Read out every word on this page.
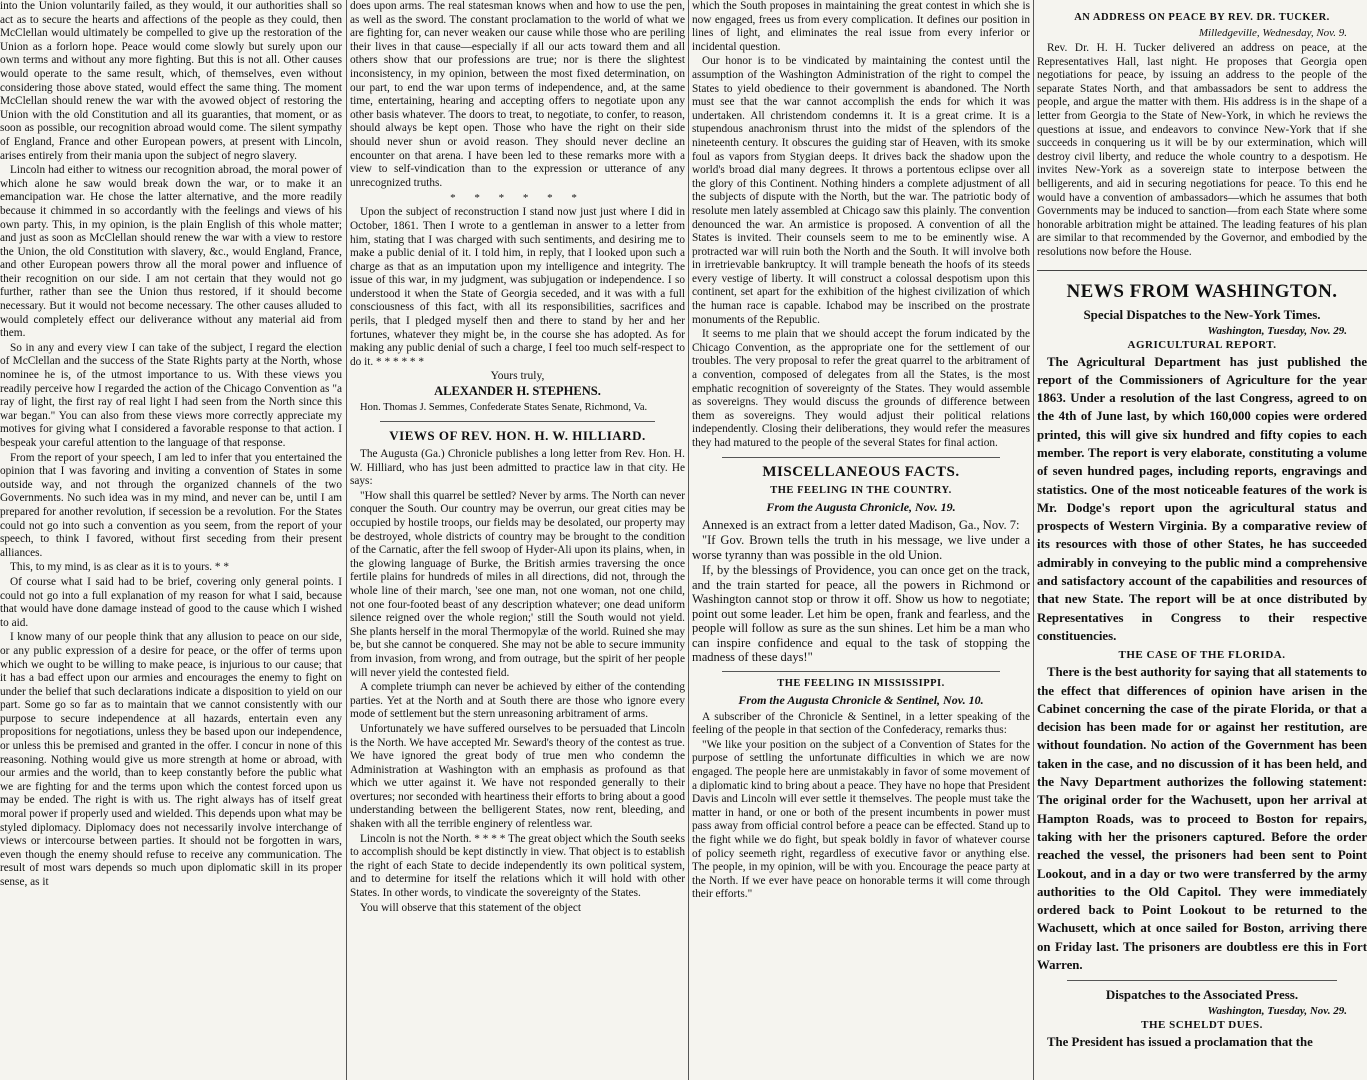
into the Union voluntarily failed, as they would, it our authorities shall so act as to secure the hearts and affections of the people as they could, then McClellan would ultimately be compelled to give up the restoration of the Union as a forlorn hope. Peace would come slowly but surely upon our own terms and without any more fighting. But this is not all. Other causes would operate to the same result, which, of themselves, even without considering those above stated, would effect the same thing. The moment McClellan should renew the war with the avowed object of restoring the Union with the old Constitution and all its guaranties, that moment, or as soon as possible, our recognition abroad would come. The silent sympathy of England, France and other European powers, at present with Lincoln, arises entirely from their mania upon the subject of negro slavery.

Lincoln had either to witness our recognition abroad, the moral power of which alone he saw would break down the war, or to make it an emancipation war. He chose the latter alternative, and the more readily because it chimmed in so accordantly with the feelings and views of his own party. This, in my opinion, is the plain English of this whole matter; and just as soon as McClellan should renew the war with a view to restore the Union, the old Constitution with slavery, &c., would England, France, and other European powers throw all the moral power and influence of their recognition on our side. I am not certain that they would not go further, rather than see the Union thus restored, if it should become necessary. But it would not become necessary. The other causes alluded to would completely effect our deliverance without any material aid from them.

So in any and every view I can take of the subject, I regard the election of McClellan and the success of the State Rights party at the North, whose nominee he is, of the utmost importance to us. With these views you readily perceive how I regarded the action of the Chicago Convention as "a ray of light, the first ray of real light I had seen from the North since this war began." You can also from these views more correctly appreciate my motives for giving what I considered a favorable response to that action. I bespeak your careful attention to the language of that response.

From the report of your speech, I am led to infer that you entertained the opinion that I was favoring and inviting a convention of States in some outside way, and not through the organized channels of the two Governments. No such idea was in my mind, and never can be, until I am prepared for another revolution, if secession be a revolution. For the States could not go into such a convention as you seem, from the report of your speech, to think I favored, without first seceding from their present alliances.

This, to my mind, is as clear as it is to yours. * *

Of course what I said had to be brief, covering only general points. I could not go into a full explanation of my reason for what I said, because that would have done damage instead of good to the cause which I wished to aid.

I know many of our people think that any allusion to peace on our side, or any public expression of a desire for peace, or the offer of terms upon which we ought to be willing to make peace, is injurious to our cause; that it has a bad effect upon our armies and encourages the enemy to fight on under the belief that such declarations indicate a disposition to yield on our part. Some go so far as to maintain that we cannot consistently with our purpose to secure independence at all hazards, entertain even any propositions for negotiations, unless they be based upon our independence, or unless this be premised and granted in the offer. I concur in none of this reasoning. Nothing would give us more strength at home or abroad, with our armies and the world, than to keep constantly before the public what we are fighting for and the terms upon which the contest forced upon us may be ended. The right is with us. The right always has of itself great moral power if properly used and wielded. This depends upon what may be styled diplomacy. Diplomacy does not necessarily involve interchange of views or intercourse between parties. It should not be forgotten in wars, even though the enemy should refuse to receive any communication. The result of most wars depends so much upon diplomatic skill in its proper sense, as it

does upon arms. The real statesman knows when and how to use the pen, as well as the sword. The constant proclamation to the world of what we are fighting for, can never weaken our cause while those who are periling their lives in that cause—especially if all our acts toward them and all others show that our professions are true; nor is there the slightest inconsistency, in my opinion, between the most fixed determination, on our part, to end the war upon terms of independence, and, at the same time, entertaining, hearing and accepting offers to negotiate upon any other basis whatever. The doors to treat, to negotiate, to confer, to reason, should always be kept open. Those who have the right on their side should never shun or avoid reason. They should never decline an encounter on that arena. I have been led to these remarks more with a view to self-vindication than to the expression or utterance of any unrecognized truths.

* * * * * *

Upon the subject of reconstruction I stand now just just where I did in October, 1861. Then I wrote to a gentleman in answer to a letter from him, stating that I was charged with such sentiments, and desiring me to make a public denial of it. I told him, in reply, that I looked upon such a charge as that as an imputation upon my intelligence and integrity. The issue of this war, in my judgment, was subjugation or independence. I so understood it when the State of Georgia seceded, and it was with a full consciousness of this fact, with all its responsibilities, sacrifices and perils, that I pledged myself then and there to stand by her and her fortunes, whatever they might be, in the course she has adopted. As for making any public denial of such a charge, I feel too much self-respect to do it. * * * * * *

Yours truly,
ALEXANDER H. STEPHENS.

Hon. Thomas J. Semmes, Confederate States Senate, Richmond, Va.

VIEWS OF REV. HON. H. W. HILLIARD.

The Augusta (Ga.) Chronicle publishes a long letter from Rev. Hon. H. W. Hilliard, who has just been admitted to practice law in that city. He says:

"How shall this quarrel be settled? Never by arms. The North can never conquer the South. Our country may be overrun, our great cities may be occupied by hostile troops, our fields may be desolated, our property may be destroyed, whole districts of country may be brought to the condition of the Carnatic, after the fell swoop of Hyder-Ali upon its plains, when, in the glowing language of Burke, the British armies traversing the once fertile plains for hundreds of miles in all directions, did not, through the whole line of their march, 'see one man, not one woman, not one child, not one four-footed beast of any description whatever; one dead uniform silence reigned over the whole region;' still the South would not yield. She plants herself in the moral Thermopylæ of the world. Ruined she may be, but she cannot be conquered. She may not be able to secure immunity from invasion, from wrong, and from outrage, but the spirit of her people will never yield the contested field.

A complete triumph can never be achieved by either of the contending parties. Yet at the North and at South there are those who ignore every mode of settlement but the stern unreasoning arbitrament of arms.

Unfortunately we have suffered ourselves to be persuaded that Lincoln is the North. We have accepted Mr. Seward's theory of the contest as true. We have ignored the great body of true men who condemn the Administration at Washington with an emphasis as profound as that which we utter against it. We have not responded generally to their overtures; nor seconded with heartiness their efforts to bring about a good understanding between the belligerent States, now rent, bleeding, and shaken with all the terrible enginery of relentless war.

Lincoln is not the North. * * * * The great object which the South seeks to accomplish should be kept distinctly in view. That object is to establish the right of each State to decide independently its own political system, and to determine for itself the relations which it will hold with other States. In other words, to vindicate the sovereignty of the States.

You will observe that this statement of the object

which the South proposes in maintaining the great contest in which she is now engaged, frees us from every complication. It defines our position in lines of light, and eliminates the real issue from every inferior or incidental question.

Our honor is to be vindicated by maintaining the contest until the assumption of the Washington Administration of the right to compel the States to yield obedience to their government is abandoned. The North must see that the war cannot accomplish the ends for which it was undertaken. All christendom condemns it. It is a great crime. It is a stupendous anachronism thrust into the midst of the splendors of the nineteenth century. It obscures the guiding star of Heaven, with its smoke foul as vapors from Stygian deeps. It drives back the shadow upon the world's broad dial many degrees. It throws a portentous eclipse over all the glory of this Continent. Nothing hinders a complete adjustment of all the subjects of dispute with the North, but the war. The patriotic body of resolute men lately assembled at Chicago saw this plainly. The convention denounced the war. An armistice is proposed. A convention of all the States is invited. Their counsels seem to me to be eminently wise. A protracted war will ruin both the North and the South. It will involve both in irretrievable bankruptcy. It will trample beneath the hoofs of its steeds every vestige of liberty. It will construct a colossal despotism upon this continent, set apart for the exhibition of the highest civilization of which the human race is capable. Ichabod may be inscribed on the prostrate monuments of the Republic.

It seems to me plain that we should accept the forum indicated by the Chicago Convention, as the appropriate one for the settlement of our troubles. The very proposal to refer the great quarrel to the arbitrament of a convention, composed of delegates from all the States, is the most emphatic recognition of sovereignty of the States. They would assemble as sovereigns. They would discuss the grounds of difference between them as sovereigns. They would adjust their political relations independently. Closing their deliberations, they would refer the measures they had matured to the people of the several States for final action.

MISCELLANEOUS FACTS.
THE FEELING IN THE COUNTRY.
From the Augusta Chronicle, Nov. 19.

Annexed is an extract from a letter dated Madison, Ga., Nov. 7:

"If Gov. Brown tells the truth in his message, we live under a worse tyranny than was possible in the old Union.

If, by the blessings of Providence, you can once get on the track, and the train started for peace, all the powers in Richmond or Washington cannot stop or throw it off. Show us how to negotiate; point out some leader. Let him be open, frank and fearless, and the people will follow as sure as the sun shines. Let him be a man who can inspire confidence and equal to the task of stopping the madness of these days!"

THE FEELING IN MISSISSIPPI.
From the Augusta Chronicle & Sentinel, Nov. 10.

A subscriber of the Chronicle & Sentinel, in a letter speaking of the feeling of the people in that section of the Confederacy, remarks thus:

"We like your position on the subject of a Convention of States for the purpose of settling the unfortunate difficulties in which we are now engaged. The people here are unmistakably in favor of some movement of a diplomatic kind to bring about a peace. They have no hope that President Davis and Lincoln will ever settle it themselves. The people must take the matter in hand, or one or both of the present incumbents in power must pass away from official control before a peace can be effected. Stand up to the fight while we do fight, but speak boldly in favor of whatever course of policy seemeth right, regardless of executive favor or anything else. The people, in my opinion, will be with you. Encourage the peace party at the North. If we ever have peace on honorable terms it will come through their efforts."

AN ADDRESS ON PEACE BY REV. DR. TUCKER.
Milledgeville, Wednesday, Nov. 9.

Rev. Dr. H. H. Tucker delivered an address on peace, at the Representatives Hall, last night. He proposes that Georgia open negotiations for peace, by issuing an address to the people of the separate States North, and that ambassadors be sent to address the people, and argue the matter with them. His address is in the shape of a letter from Georgia to the State of New-York, in which he reviews the questions at issue, and endeavors to convince New-York that if she succeeds in conquering us it will be by our extermination, which will destroy civil liberty, and reduce the whole country to a despotism. He invites New-York as a sovereign state to interpose between the belligerents, and aid in securing negotiations for peace. To this end he would have a convention of ambassadors—which he assumes that both Governments may be induced to sanction—from each State where some honorable arbitration might be attained. The leading features of his plan are similar to that recommended by the Governor, and embodied by the resolutions now before the House.

NEWS FROM WASHINGTON.
Special Dispatches to the New-York Times.
Washington, Tuesday, Nov. 29.
AGRICULTURAL REPORT.

The Agricultural Department has just published the report of the Commissioners of Agriculture for the year 1863. Under a resolution of the last Congress, agreed to on the 4th of June last, by which 160,000 copies were ordered printed, this will give six hundred and fifty copies to each member. The report is very elaborate, constituting a volume of seven hundred pages, including reports, engravings and statistics. One of the most noticeable features of the work is Mr. Dodge's report upon the agricultural status and prospects of Western Virginia. By a comparative review of its resources with those of other States, he has succeeded admirably in conveying to the public mind a comprehensive and satisfactory account of the capabilities and resources of that new State. The report will be at once distributed by Representatives in Congress to their respective constituencies.

THE CASE OF THE FLORIDA.

There is the best authority for saying that all statements to the effect that differences of opinion have arisen in the Cabinet concerning the case of the pirate Florida, or that a decision has been made for or against her restitution, are without foundation. No action of the Government has been taken in the case, and no discussion of it has been held, and the Navy Department authorizes the following statement: The original order for the Wachusett, upon her arrival at Hampton Roads, was to proceed to Boston for repairs, taking with her the prisoners captured. Before the order reached the vessel, the prisoners had been sent to Point Lookout, and in a day or two were transferred by the army authorities to the Old Capitol. They were immediately ordered back to Point Lookout to be returned to the Wachusett, which at once sailed for Boston, arriving there on Friday last. The prisoners are doubtless ere this in Fort Warren.

Dispatches to the Associated Press.
Washington, Tuesday, Nov. 29.
THE SCHELDT DUES.

The President has issued a proclamation that the
